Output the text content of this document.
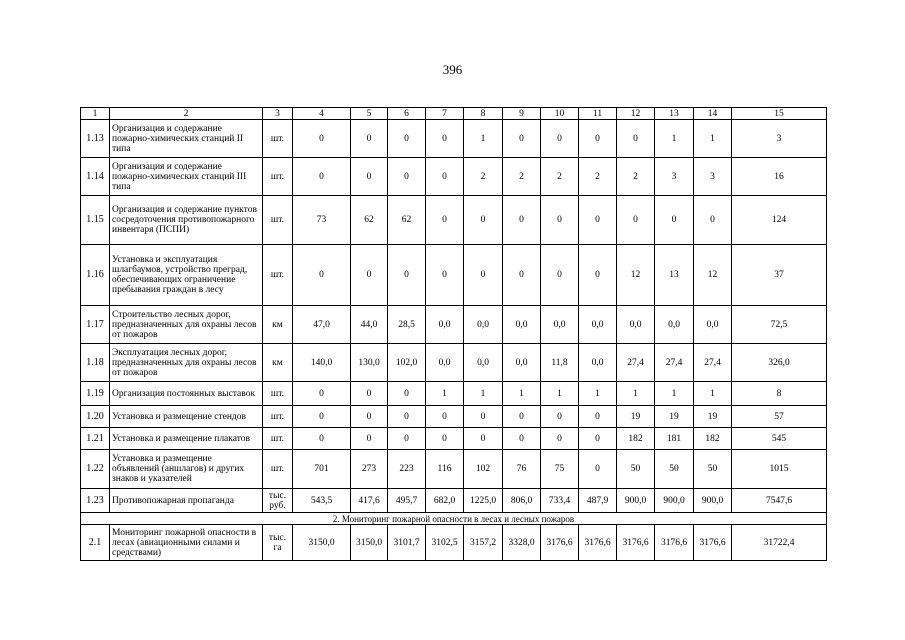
396
1	2	3	4	5	6	7	8	9	10	11	12	13	14	15
1.13	Организация и содержание пожарно-химических станций II типа	шт.	0	0	0	0	1	0	0	0	0	1	1	3
1.14	Организация и содержание пожарно-химических станций III типа	шт.	0	0	0	0	2	2	2	2	2	3	3	16
1.15	Организация и содержание пунктов сосредоточения противопожарного инвентаря (ПСПИ)	шт.	73	62	62	0	0	0	0	0	0	0	0	124
1.16	Установка и эксплуатация шлагбаумов, устройство преград, обеспечивающих ограничение пребывания граждан в лесу	шт.	0	0	0	0	0	0	0	0	12	13	12	37
1.17	Строительство лесных дорог, предназначенных для охраны лесов от пожаров	км	47,0	44,0	28,5	0,0	0,0	0,0	0,0	0,0	0,0	0,0	0,0	72,5
1.18	Эксплуатация лесных дорог, предназначенных для охраны лесов от пожаров	км	140,0	130,0	102,0	0,0	0,0	0,0	11,8	0,0	27,4	27,4	27,4	326,0
1.19	Организация постоянных выставок	шт.	0	0	0	1	1	1	1	1	1	1	1	8
1.20	Установка и размещение стендов	шт.	0	0	0	0	0	0	0	0	19	19	19	57
1.21	Установка и размещение плакатов	шт.	0	0	0	0	0	0	0	0	182	181	182	545
1.22	Установка и размещение объявлений (аншлагов) и других знаков и указателей	шт.	701	273	223	116	102	76	75	0	50	50	50	1015
1.23	Противопожарная пропаганда	тыс. руб.	543,5	417,6	495,7	682,0	1225,0	806,0	733,4	487,9	900,0	900,0	900,0	7547,6
2. Мониторинг пожарной опасности в лесах и лесных пожаров														
2.1	Мониторинг пожарной опасности в лесах (авиационными силами и средствами)	тыс. га	3150,0	3150,0	3101,7	3102,5	3157,2	3328,0	3176,6	3176,6	3176,6	3176,6	3176,6	31722,4
